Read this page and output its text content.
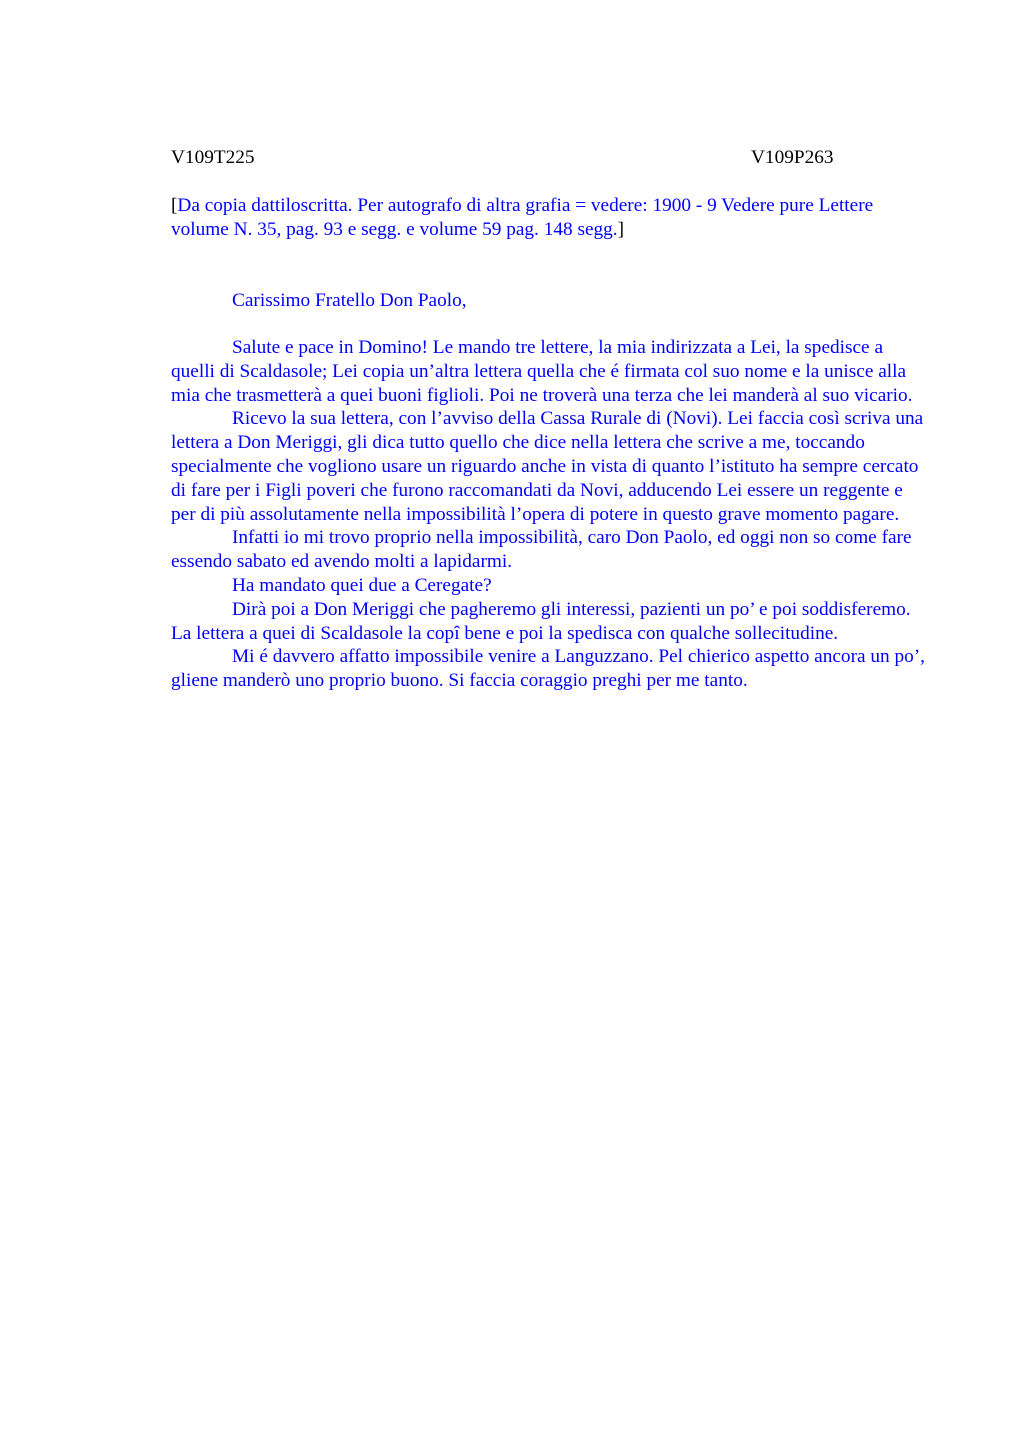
V109T225	V109P263

[Da copia dattiloscritta. Per autografo di altra grafia = vedere: 1900 - 9 Vedere pure Lettere volume N. 35, pag. 93 e segg. e volume 59 pag. 148 segg.]

Carissimo Fratello Don Paolo,

Salute e pace in Domino! Le mando tre lettere, la mia indirizzata a Lei, la spedisce a quelli di Scaldasole; Lei copia un’altra lettera quella che é firmata col suo nome e la unisce alla mia che trasmetterà a quei buoni figlioli. Poi ne troverà una terza che lei manderà al suo vicario.

Ricevo la sua lettera, con l’avviso della Cassa Rurale di (Novi). Lei faccia così scriva una lettera a Don Meriggi, gli dica tutto quello che dice nella lettera che scrive a me, toccando specialmente che vogliono usare un riguardo anche in vista di quanto l’istituto ha sempre cercato di fare per i Figli poveri che furono raccomandati da Novi, adducendo Lei essere un reggente e per di più assolutamente nella impossibilità l’opera di potere in questo grave momento pagare.

Infatti io mi trovo proprio nella impossibilità, caro Don Paolo, ed oggi non so come fare essendo sabato ed avendo molti a lapidarmi.

Ha mandato quei due a Ceregate?

Dirà poi a Don Meriggi che pagheremo gli interessi, pazienti un po’ e poi soddisferemo. La lettera a quei di Scaldasole la copî bene e poi la spedisca con qualche sollecitudine.

Mi é davvero affatto impossibile venire a Languzzano. Pel chierico aspetto ancora un po’, gliene manderò uno proprio buono. Si faccia coraggio preghi per me tanto.
